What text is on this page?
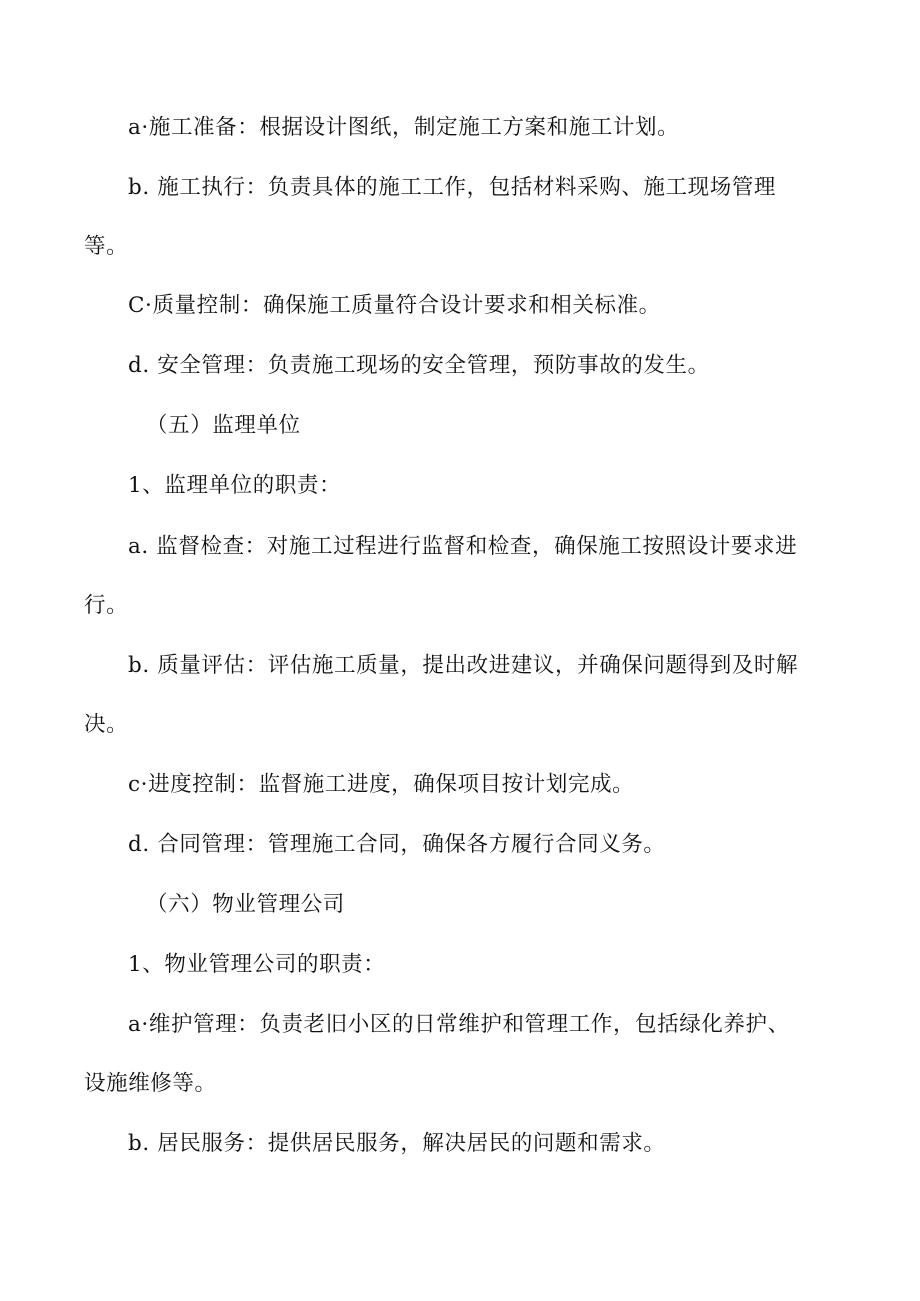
a·施工准备：根据设计图纸，制定施工方案和施工计划。
b. 施工执行：负责具体的施工工作，包括材料采购、施工现场管理
等。
C·质量控制：确保施工质量符合设计要求和相关标准。
d. 安全管理：负责施工现场的安全管理，预防事故的发生。
（五）监理单位
1、监理单位的职责：
a. 监督检查：对施工过程进行监督和检查，确保施工按照设计要求进
行。
b. 质量评估：评估施工质量，提出改进建议，并确保问题得到及时解
决。
c·进度控制：监督施工进度，确保项目按计划完成。
d. 合同管理：管理施工合同，确保各方履行合同义务。
（六）物业管理公司
1、物业管理公司的职责：
a·维护管理：负责老旧小区的日常维护和管理工作，包括绿化养护、
设施维修等。
b. 居民服务：提供居民服务，解决居民的问题和需求。
